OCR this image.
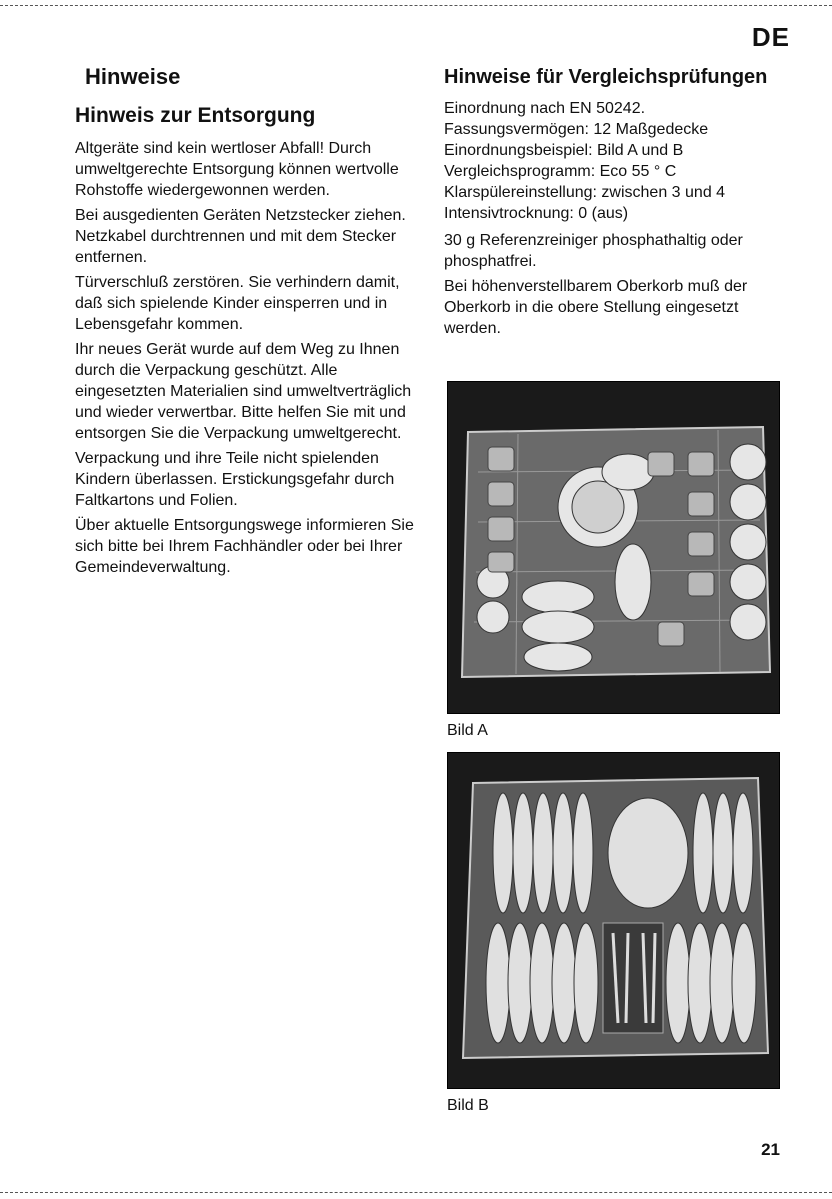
DE
Hinweise
Hinweis zur Entsorgung

Altgeräte sind kein wertloser Abfall! Durch umweltgerechte Entsorgung können wertvolle Rohstoffe wiedergewonnen werden.

Bei ausgedienten Geräten Netzstecker ziehen. Netzkabel durchtrennen und mit dem Stecker entfernen.

Türverschluß zerstören. Sie verhindern damit, daß sich spielende Kinder einsperren und in Lebensgefahr kommen.

Ihr neues Gerät wurde auf dem Weg zu Ihnen durch die Verpackung geschützt. Alle eingesetzten Materialien sind umweltverträglich und wieder verwertbar. Bitte helfen Sie mit und entsorgen Sie die Verpackung umweltgerecht.

Verpackung und ihre Teile nicht spielenden Kindern überlassen. Erstickungsgefahr durch Faltkartons und Folien.

Über aktuelle Entsorgungswege informieren Sie sich bitte bei Ihrem Fachhändler oder bei Ihrer Gemeindeverwaltung.

Hinweise für Vergleichsprüfungen

Einordnung nach EN 50242.

Fassungsvermögen: 12 Maßgedecke

Einordnungsbeispiel: Bild A und B

Vergleichsprogramm: Eco 55 ° C

Klarspülereinstellung: zwischen 3 und 4

Intensivtrocknung: 0 (aus)

30 g Referenzreiniger phosphathaltig oder phosphatfrei.

Bei höhenverstellbarem Oberkorb muß der Oberkorb in die obere Stellung eingesetzt werden.

Bild A
Bild B
21
